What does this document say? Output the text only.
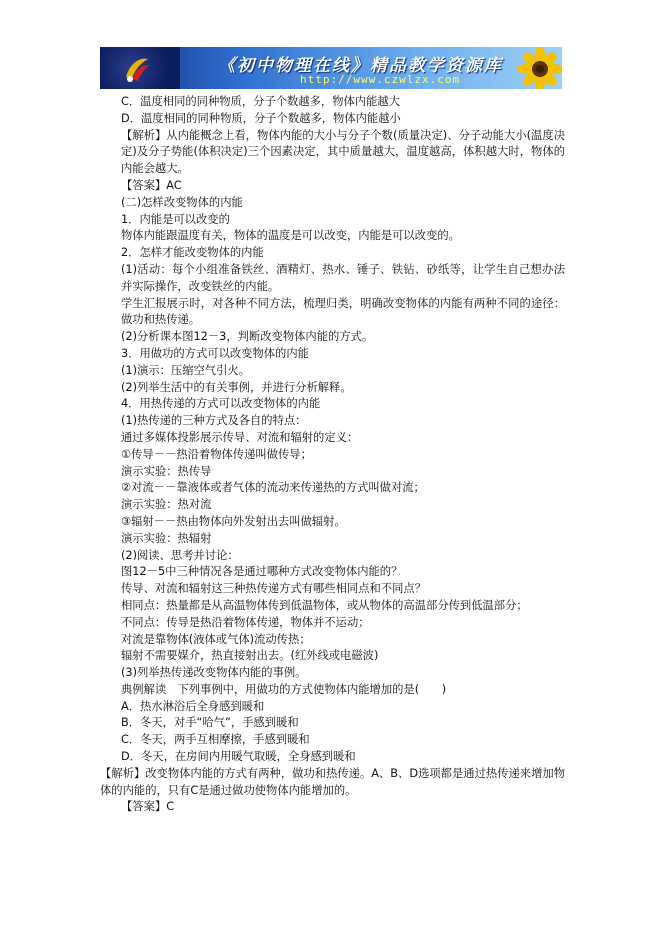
《初中物理在线》精品教学资源库
http://www.czwlzx.com
C．温度相同的同种物质，分子个数越多，物体内能越大
D．温度相同的同种物质，分子个数越多，物体内能越小
【解析】从内能概念上看，物体内能的大小与分子个数(质量决定)、分子动能大小(温度决定)及分子势能(体积决定)三个因素决定，其中质量越大，温度越高，体积越大时，物体的内能会越大。
【答案】AC
(二)怎样改变物体的内能
1．内能是可以改变的
物体内能跟温度有关，物体的温度是可以改变，内能是可以改变的。
2．怎样才能改变物体的内能
(1)活动：每个小组准备铁丝、酒精灯、热水、锤子、铁钻、砂纸等，让学生自己想办法并实际操作，改变铁丝的内能。
学生汇报展示时，对各种不同方法，梳理归类，明确改变物体的内能有两种不同的途径：做功和热传递。
(2)分析课本图12－3，判断改变物体内能的方式。
3．用做功的方式可以改变物体的内能
(1)演示：压缩空气引火。
(2)列举生活中的有关事例，并进行分析解释。
4．用热传递的方式可以改变物体的内能
(1)热传递的三种方式及各自的特点：
通过多媒体投影展示传导、对流和辐射的定义：
①传导－－热沿着物体传递叫做传导；
演示实验：热传导
②对流－－靠液体或者气体的流动来传递热的方式叫做对流；
演示实验：热对流
③辐射－－热由物体向外发射出去叫做辐射。
演示实验：热辐射
(2)阅读、思考并讨论：
图12－5中三种情况各是通过哪种方式改变物体内能的？
传导、对流和辐射这三种热传递方式有哪些相同点和不同点？
相同点：热量都是从高温物体传到低温物体，或从物体的高温部分传到低温部分；
不同点：传导是热沿着物体传递，物体并不运动；
对流是靠物体(液体或气体)流动传热；
辐射不需要媒介，热直接射出去。(红外线或电磁波)
(3)列举热传递改变物体内能的事例。
典例解读　下列事例中，用做功的方式使物体内能增加的是(　　)
A．热水淋浴后全身感到暖和
B．冬天，对手“哈气”，手感到暖和
C．冬天，两手互相摩擦，手感到暖和
D．冬天，在房间内用暖气取暖，全身感到暖和
【解析】改变物体内能的方式有两种，做功和热传递。A、B、D选项都是通过热传递来增加物体的内能的，只有C是通过做功使物体内能增加的。
【答案】C
